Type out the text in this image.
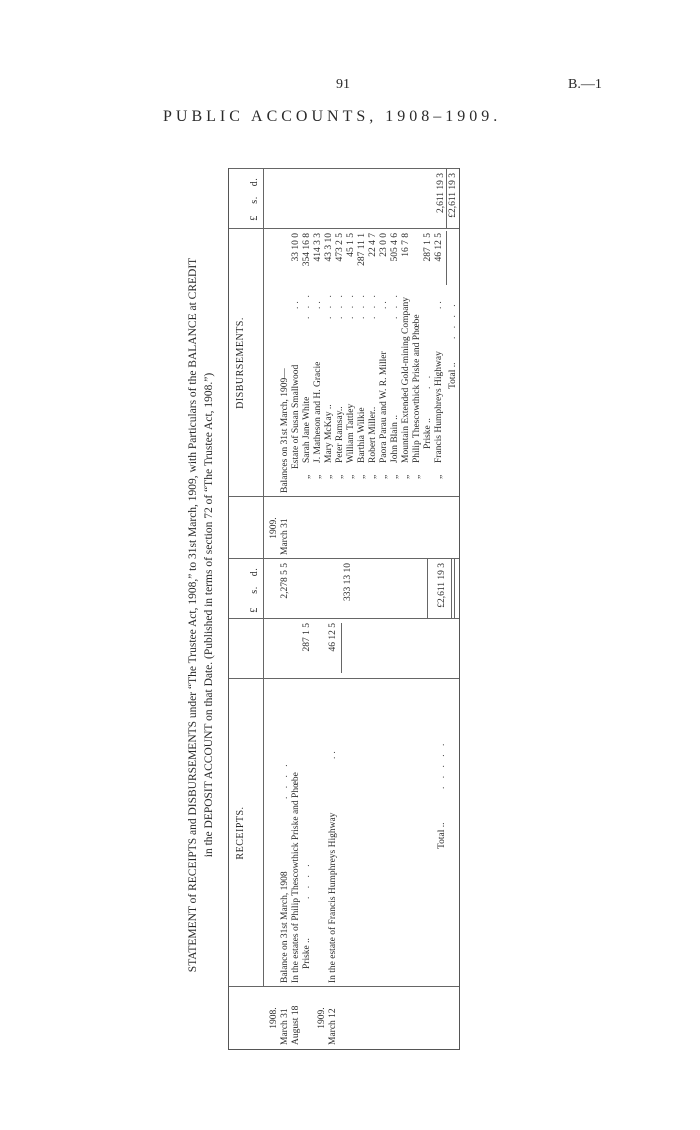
91	B.—1
PUBLIC ACCOUNTS, 1908–1909.
STATEMENT of RECEIPTS and DISBURSEMENTS under “The Trustee Act, 1908,” to 31st March, 1909, with Particulars of the BALANCE at CREDIT in the DEPOSIT ACCOUNT on that Date. (Published in terms of section 72 of “The Trustee Act, 1908.”) RECEIPTS.
£
s.
d.
1908. March 31
Balance on 31st March, 1908
. . . .
2,278 5 5
August 18
In the estates of Philip Thescowthick Priske and Phœbe Priske ..
. . . .
287 1 5
1909. March 12
In the estate of Francis Humphreys Highway
..
46 12 5
333 13 10
Total ..
. . . . .
£2,611 19 3
DISBURSEMENTS.
£
s.
d.
1909. March 31
Balances on 31st March, 1909— Estate of Susan Smallwood
..
33 10 0
„
Sarah Jane White
. . .
354 16 8
„
J. Matheson and H. Gracie
..
414 3 3
„
Mary McKay ..
. . .
43 3 10
„
Peter Ramsay..
. . .
473 2 5
„
William Tattley
. . .
45 1 5
„
Barthia Wilkie
. . .
287 11 1
„
Robert Miller..
. . .
22 4 7
„
Paora Parau and W. R. Miller
..
23 0 0
„
John Blain ..
. . .
505 4 6
„
Mountain Extended Gold-mining Company
16 7 8
„
Philip Thescowthick Priske and Phœbe Priske ..
. .
287 1 5
„
Francis Humphreys Highway
..
46 12 5
2,611 19 3
Total ..
. . . .
£2,611 19 3
